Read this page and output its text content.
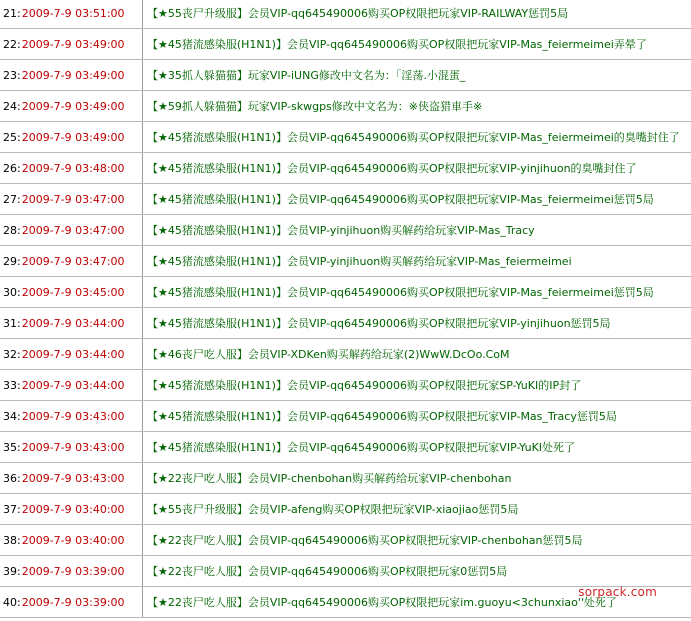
21: 2009-7-9 03:51:00 【★55丧尸升级服】会员VIP-qq645490006购买OP权限把玩家VIP-RAILWAY惩罚5局
22: 2009-7-9 03:49:00 【★45猪流感染服(H1N1)】会员VIP-qq645490006购买OP权限把玩家VIP-Mas_feiermeimei弄晕了
23: 2009-7-9 03:49:00 【★35抓人躲猫猫】玩家VIP-iUNG修改中文名为：「淫荡.小混蛋_
24: 2009-7-9 03:49:00 【★59抓人躲猫猫】玩家VIP-skwgps修改中文名为：※侠盗猎車手※
25: 2009-7-9 03:49:00 【★45猪流感染服(H1N1)】会员VIP-qq645490006购买OP权限把玩家VIP-Mas_feiermeimei的臭嘴封住了
26: 2009-7-9 03:48:00 【★45猪流感染服(H1N1)】会员VIP-qq645490006购买OP权限把玩家VIP-yinjihuon的臭嘴封住了
27: 2009-7-9 03:47:00 【★45猪流感染服(H1N1)】会员VIP-qq645490006购买OP权限把玩家VIP-Mas_feiermeimei惩罚5局
28: 2009-7-9 03:47:00 【★45猪流感染服(H1N1)】会员VIP-yinjihuon购买解药给玩家VIP-Mas_Tracy
29: 2009-7-9 03:47:00 【★45猪流感染服(H1N1)】会员VIP-yinjihuon购买解药给玩家VIP-Mas_feiermeimei
30: 2009-7-9 03:45:00 【★45猪流感染服(H1N1)】会员VIP-qq645490006购买OP权限把玩家VIP-Mas_feiermeimei惩罚5局
31: 2009-7-9 03:44:00 【★45猪流感染服(H1N1)】会员VIP-qq645490006购买OP权限把玩家VIP-yinjihuon惩罚5局
32: 2009-7-9 03:44:00 【★46丧尸吃人服】会员VIP-XDKen购买解药给玩家(2)WwW.DcOo.CoM
33: 2009-7-9 03:44:00 【★45猪流感染服(H1N1)】会员VIP-qq645490006购买OP权限把玩家SP-YuKI的IP封了
34: 2009-7-9 03:43:00 【★45猪流感染服(H1N1)】会员VIP-qq645490006购买OP权限把玩家VIP-Mas_Tracy惩罚5局
35: 2009-7-9 03:43:00 【★45猪流感染服(H1N1)】会员VIP-qq645490006购买OP权限把玩家VIP-YuKI处死了
36: 2009-7-9 03:43:00 【★22丧尸吃人服】会员VIP-chenbohan购买解药给玩家VIP-chenbohan
37: 2009-7-9 03:40:00 【★55丧尸升级服】会员VIP-afeng购买OP权限把玩家VIP-xiaojiao惩罚5局
38: 2009-7-9 03:40:00 【★22丧尸吃人服】会员VIP-qq645490006购买OP权限把玩家VIP-chenbohan惩罚5局
39: 2009-7-9 03:39:00 【★22丧尸吃人服】会员VIP-qq645490006购买OP权限把玩家0惩罚5局
40: 2009-7-9 03:39:00 【★22丧尸吃人服】会员VIP-qq645490006购买OP权限把玩家im.guoyu<3chunxiao''处死了
sorpack.com
